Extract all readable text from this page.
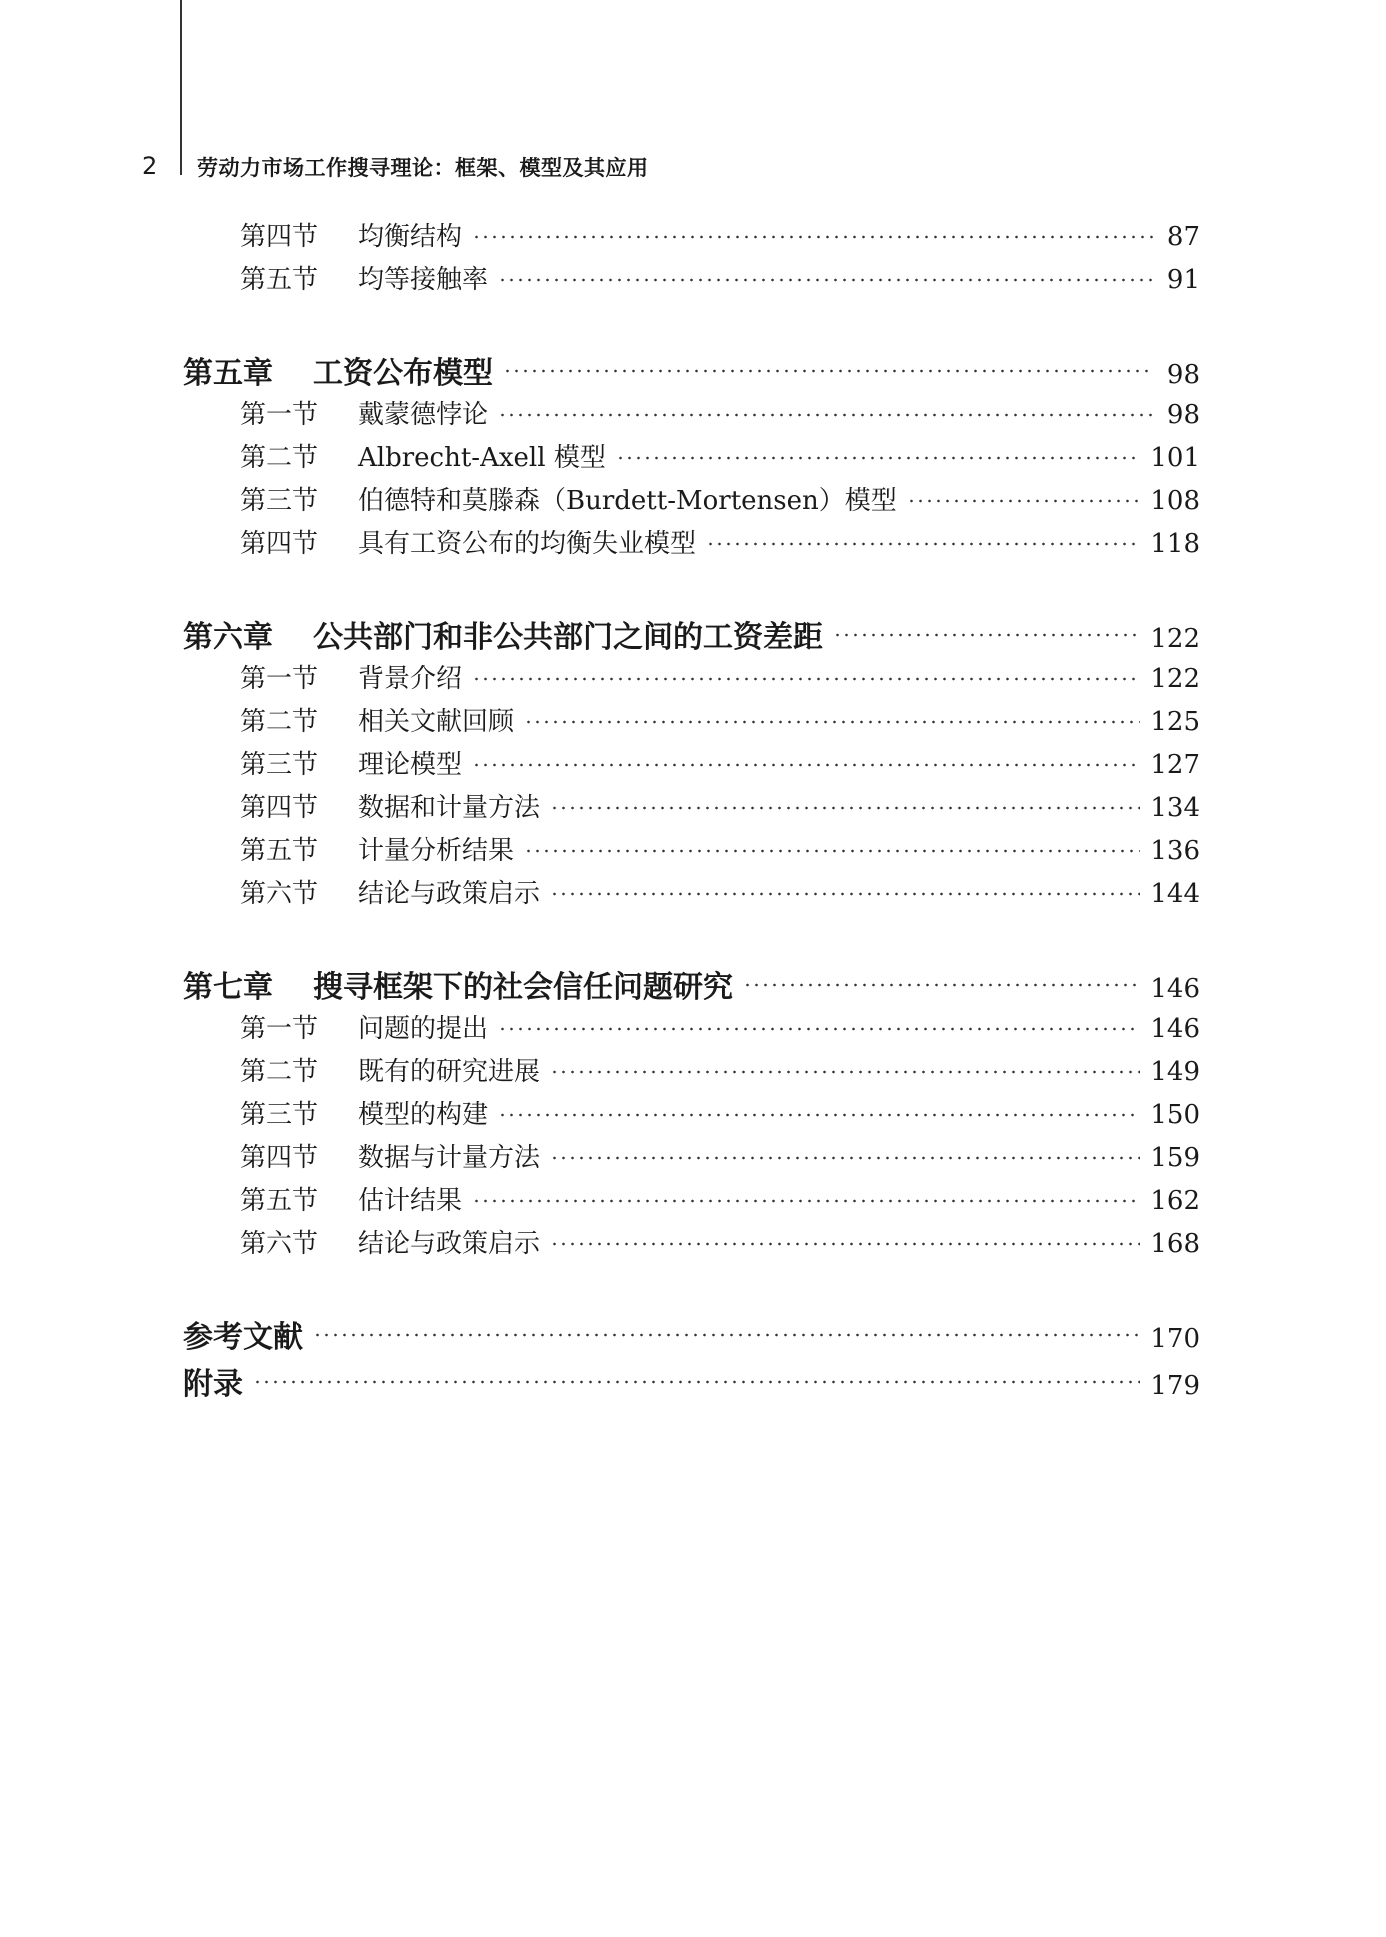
2 劳动力市场工作搜寻理论：框架、模型及其应用
第四节	均衡结构	87
第五节	均等接触率	91
第五章	工资公布模型	98
第一节	戴蒙德悖论	98
第二节	Albrecht-Axell 模型	101
第三节	伯德特和莫滕森（Burdett-Mortensen）模型	108
第四节	具有工资公布的均衡失业模型	118
第六章	公共部门和非公共部门之间的工资差距	122
第一节	背景介绍	122
第二节	相关文献回顾	125
第三节	理论模型	127
第四节	数据和计量方法	134
第五节	计量分析结果	136
第六节	结论与政策启示	144
第七章	搜寻框架下的社会信任问题研究	146
第一节	问题的提出	146
第二节	既有的研究进展	149
第三节	模型的构建	150
第四节	数据与计量方法	159
第五节	估计结果	162
第六节	结论与政策启示	168
参考文献	170
附录	179
